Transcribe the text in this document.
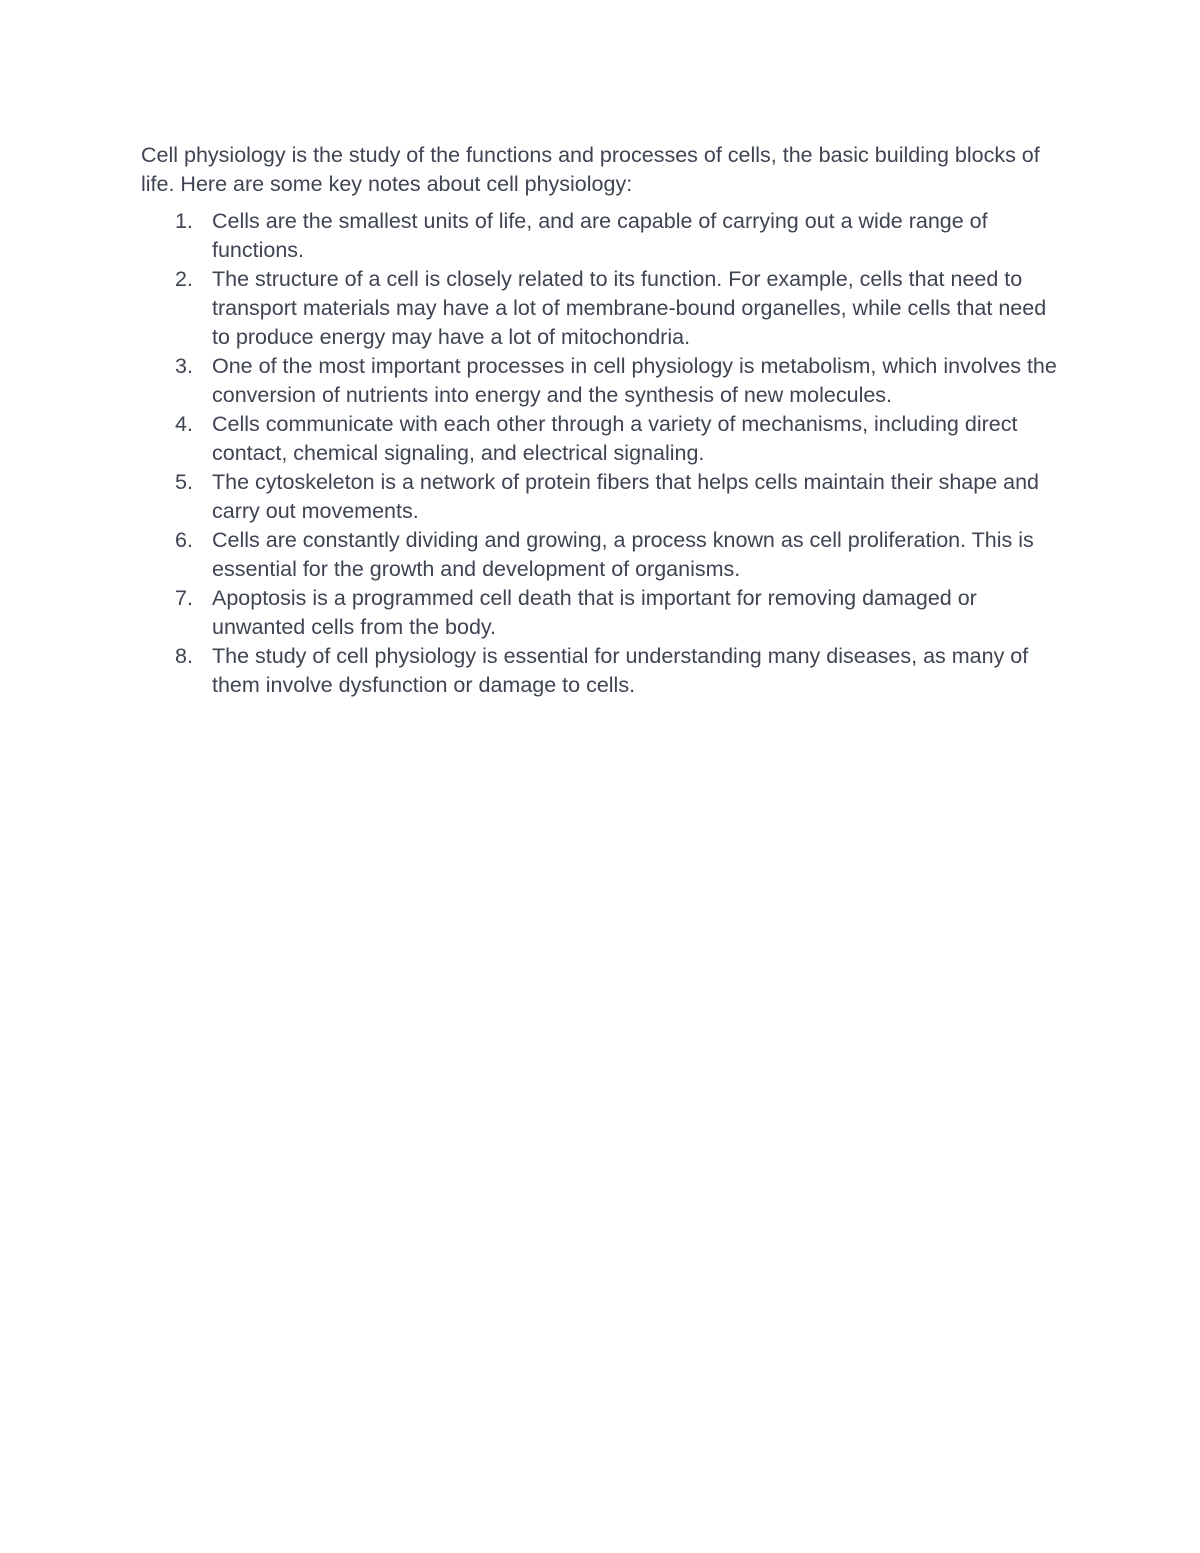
Cell physiology is the study of the functions and processes of cells, the basic building blocks of life. Here are some key notes about cell physiology:

1. Cells are the smallest units of life, and are capable of carrying out a wide range of functions.
2. The structure of a cell is closely related to its function. For example, cells that need to transport materials may have a lot of membrane-bound organelles, while cells that need to produce energy may have a lot of mitochondria.
3. One of the most important processes in cell physiology is metabolism, which involves the conversion of nutrients into energy and the synthesis of new molecules.
4. Cells communicate with each other through a variety of mechanisms, including direct contact, chemical signaling, and electrical signaling.
5. The cytoskeleton is a network of protein fibers that helps cells maintain their shape and carry out movements.
6. Cells are constantly dividing and growing, a process known as cell proliferation. This is essential for the growth and development of organisms.
7. Apoptosis is a programmed cell death that is important for removing damaged or unwanted cells from the body.
8. The study of cell physiology is essential for understanding many diseases, as many of them involve dysfunction or damage to cells.
